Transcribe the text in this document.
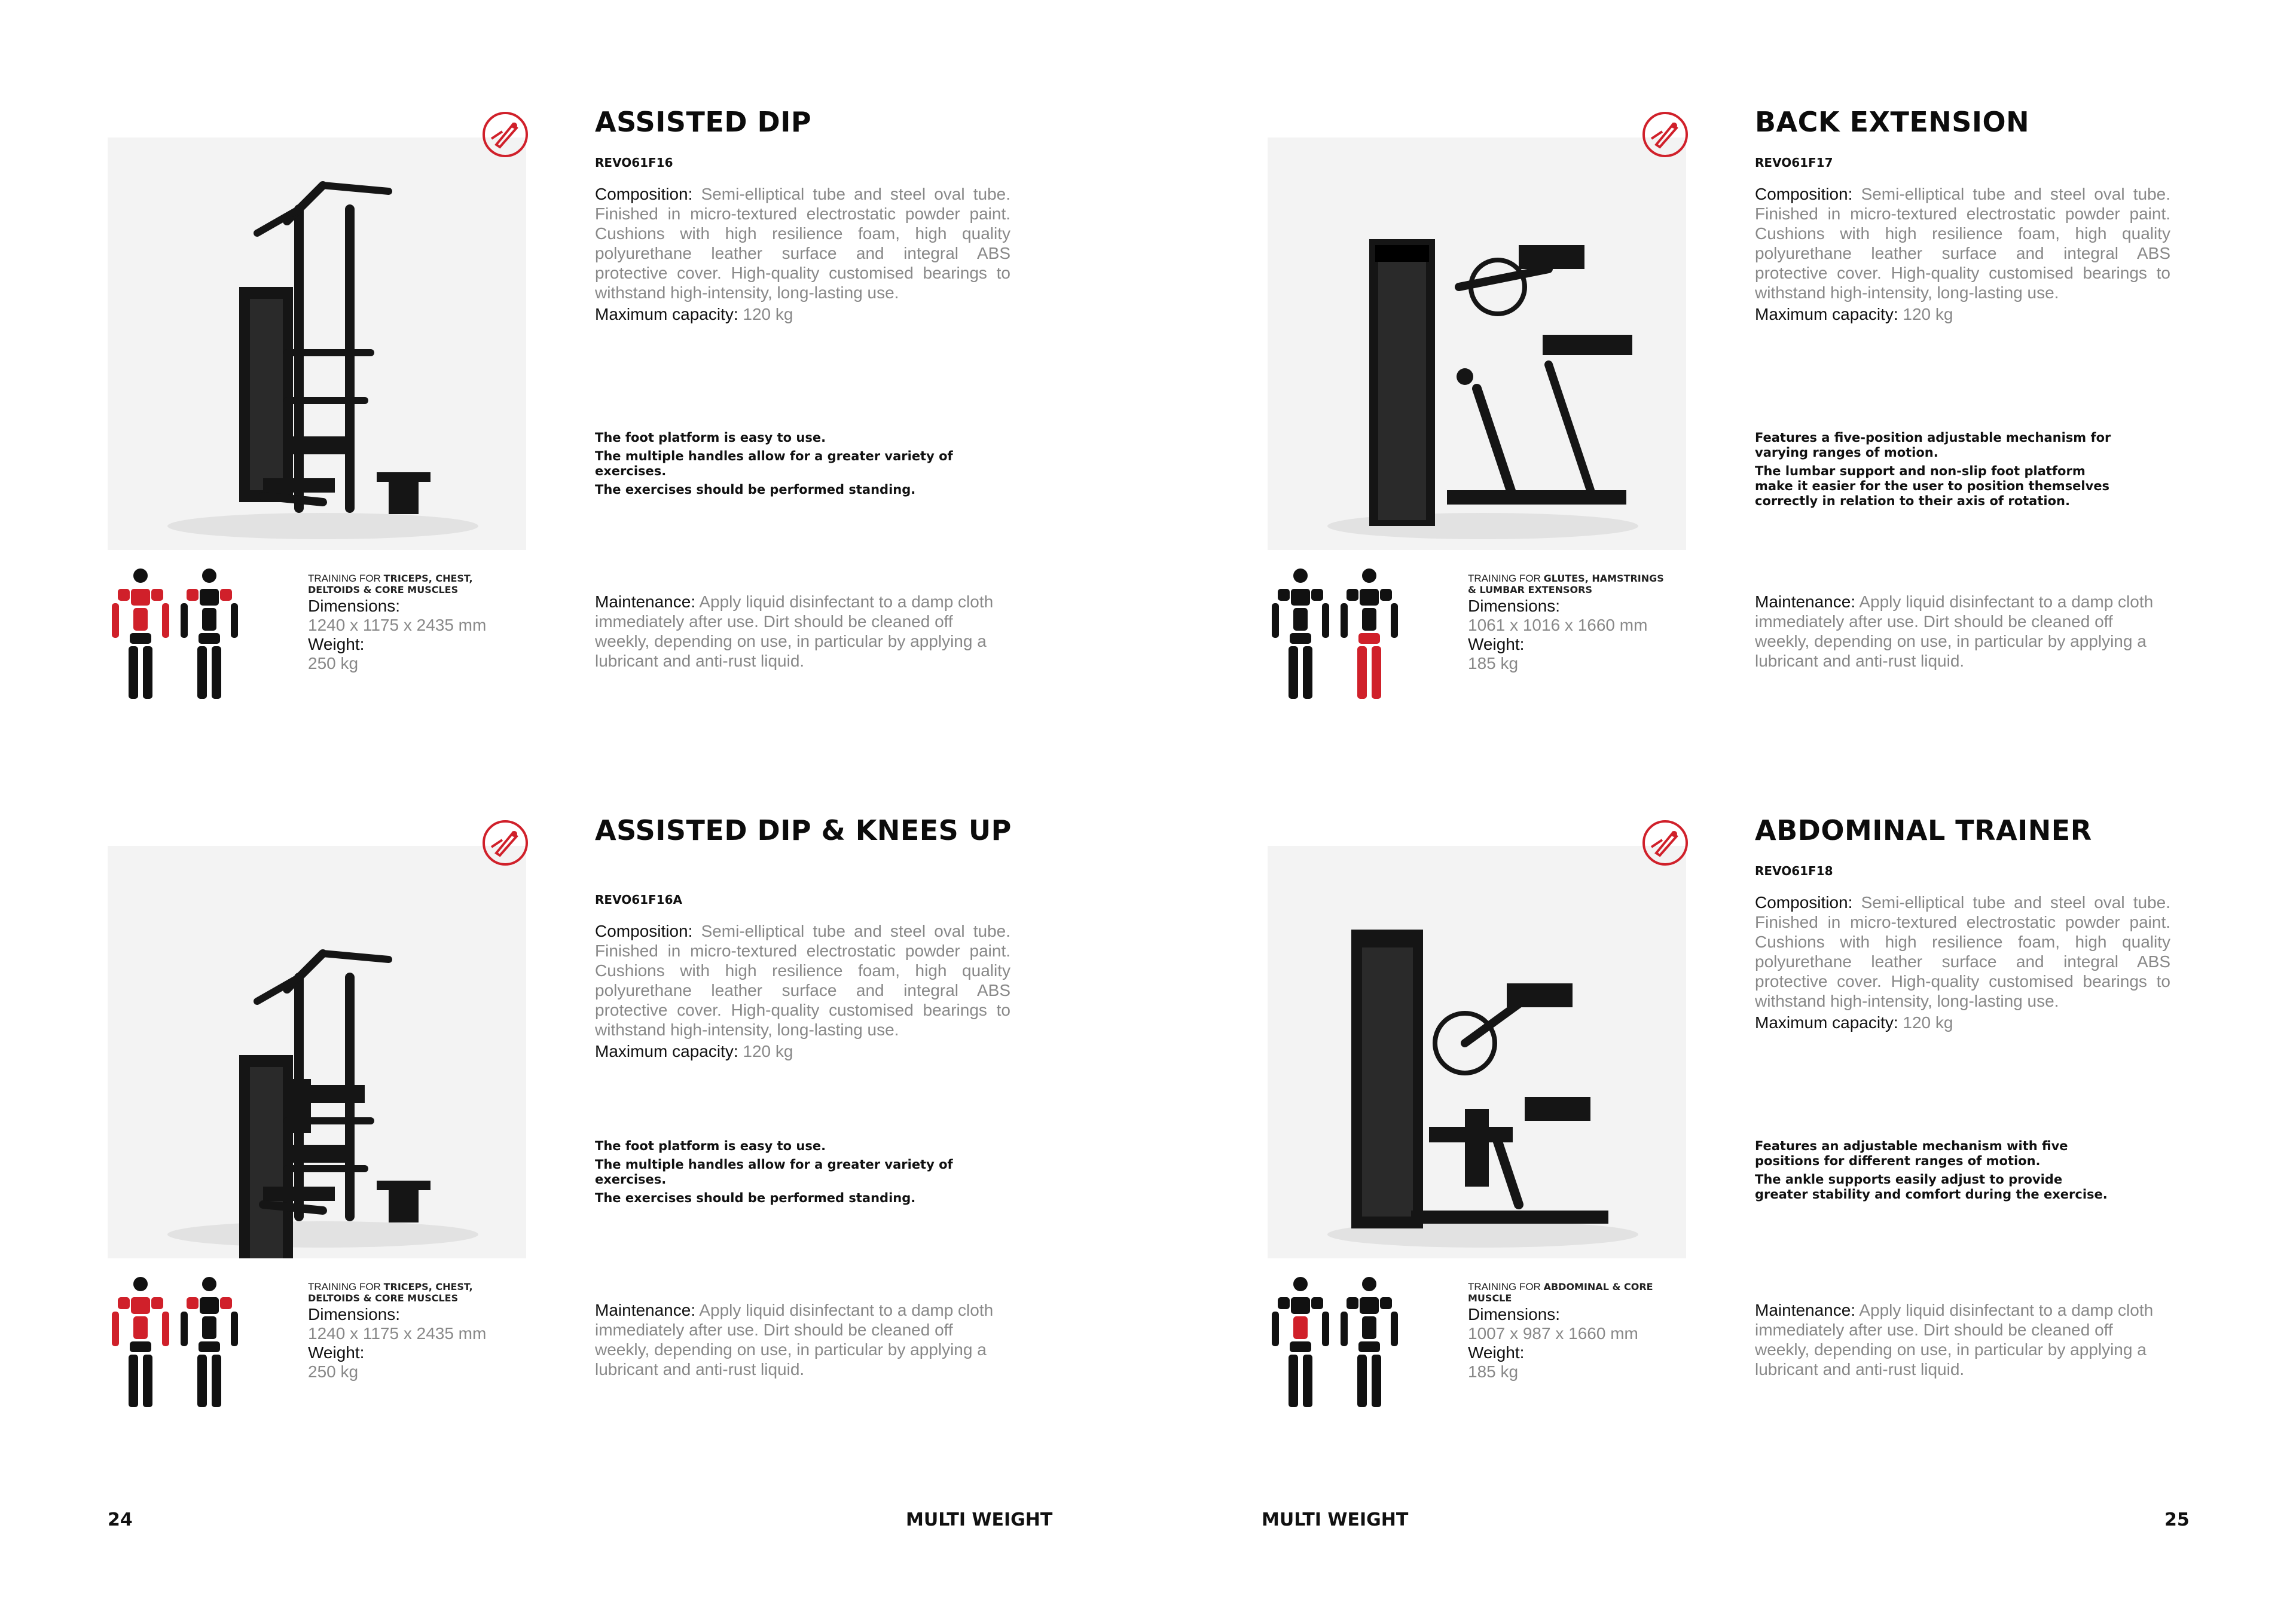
ASSISTED DIP
REVO61F16
Composition: Semi-elliptical tube and steel oval tube. Finished in micro-textured electrostatic powder paint. Cushions with high resilience foam, high quality polyurethane leather surface and integral ABS protective cover. High-quality customised bearings to withstand high-intensity, long-lasting use.
Maximum capacity: 120 kg
The foot platform is easy to use.
The multiple handles allow for a greater variety of exercises.
The exercises should be performed standing.
TRAINING FOR TRICEPS, CHEST, DELTOIDS & CORE MUSCLES
Dimensions:
1240 x 1175 x 2435 mm
Weight:
250 kg
Maintenance: Apply liquid disinfectant to a damp cloth immediately after use. Dirt should be cleaned off weekly, depending on use, in particular by applying a lubricant and anti-rust liquid.
BACK EXTENSION
REVO61F17
Composition: Semi-elliptical tube and steel oval tube. Finished in micro-textured electrostatic powder paint. Cushions with high resilience foam, high quality polyurethane leather surface and integral ABS protective cover. High-quality customised bearings to withstand high-intensity, long-lasting use.
Maximum capacity: 120 kg
Features a five-position adjustable mechanism for varying ranges of motion.
The lumbar support and non-slip foot platform make it easier for the user to position themselves correctly in relation to their axis of rotation.
TRAINING FOR GLUTES, HAMSTRINGS & LUMBAR EXTENSORS
Dimensions:
1061 x 1016 x 1660 mm
Weight:
185 kg
Maintenance: Apply liquid disinfectant to a damp cloth immediately after use. Dirt should be cleaned off weekly, depending on use, in particular by applying a lubricant and anti-rust liquid.
ASSISTED DIP & KNEES UP
REVO61F16A
Composition: Semi-elliptical tube and steel oval tube. Finished in micro-textured electrostatic powder paint. Cushions with high resilience foam, high quality polyurethane leather surface and integral ABS protective cover. High-quality customised bearings to withstand high-intensity, long-lasting use.
Maximum capacity: 120 kg
The foot platform is easy to use.
The multiple handles allow for a greater variety of exercises.
The exercises should be performed standing.
TRAINING FOR TRICEPS, CHEST, DELTOIDS & CORE MUSCLES
Dimensions:
1240 x 1175 x 2435 mm
Weight:
250 kg
Maintenance: Apply liquid disinfectant to a damp cloth immediately after use. Dirt should be cleaned off weekly, depending on use, in particular by applying a lubricant and anti-rust liquid.
ABDOMINAL TRAINER
REVO61F18
Composition: Semi-elliptical tube and steel oval tube. Finished in micro-textured electrostatic powder paint. Cushions with high resilience foam, high quality polyurethane leather surface and integral ABS protective cover. High-quality customised bearings to withstand high-intensity, long-lasting use.
Maximum capacity: 120 kg
Features an adjustable mechanism with five positions for different ranges of motion.
The ankle supports easily adjust to provide greater stability and comfort during the exercise.
TRAINING FOR ABDOMINAL & CORE MUSCLE
Dimensions:
1007 x 987 x 1660 mm
Weight:
185 kg
Maintenance: Apply liquid disinfectant to a damp cloth immediately after use. Dirt should be cleaned off weekly, depending on use, in particular by applying a lubricant and anti-rust liquid.
24	MULTI WEIGHT	MULTI WEIGHT	25
